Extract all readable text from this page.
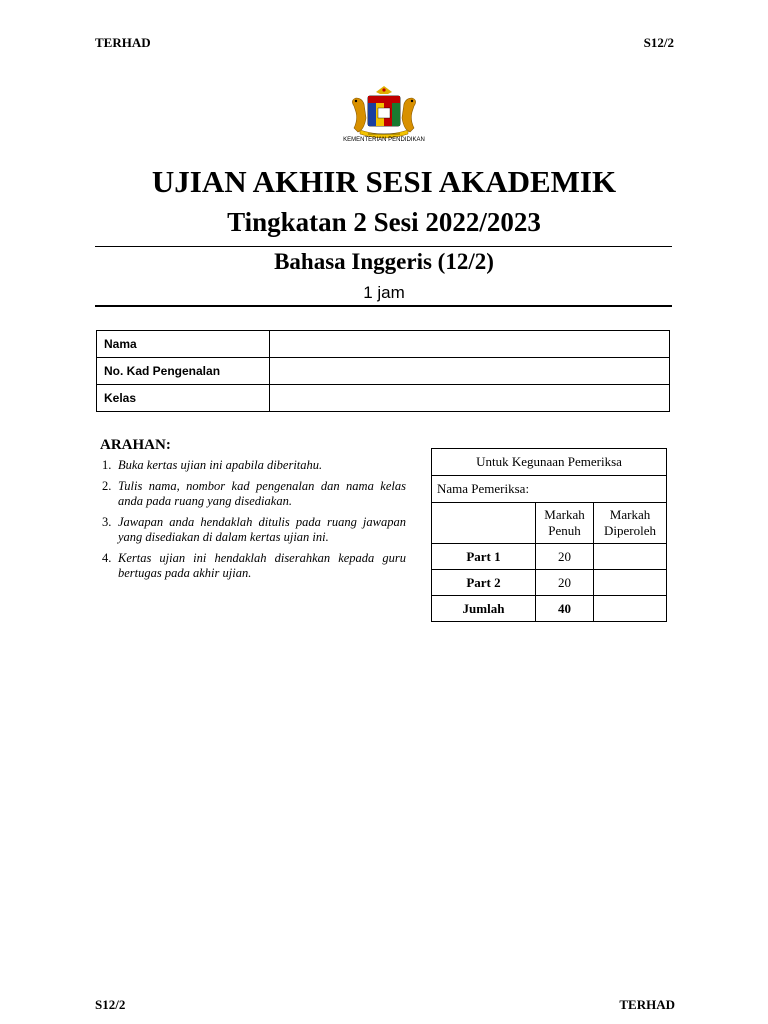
TERHAD	S12/2
KEMENTERIAN PENDIDIKAN
UJIAN AKHIR SESI AKADEMIK
Tingkatan 2 Sesi 2022/2023
Bahasa Inggeris (12/2)
1 jam
Nama	
No. Kad Pengenalan	
Kelas	
ARAHAN:
1. Buka kertas ujian ini apabila diberitahu.
2. Tulis nama, nombor kad pengenalan dan nama kelas anda pada ruang yang disediakan.
3. Jawapan anda hendaklah ditulis pada ruang jawapan yang disediakan di dalam kertas ujian ini.
4. Kertas ujian ini hendaklah diserahkan kepada guru bertugas pada akhir ujian.
Untuk Kegunaan Pemeriksa		
Nama Pemeriksa:		
	Markah Penuh	Markah Diperoleh
Part 1	20	
Part 2	20	
Jumlah	40	
S12/2	TERHAD
